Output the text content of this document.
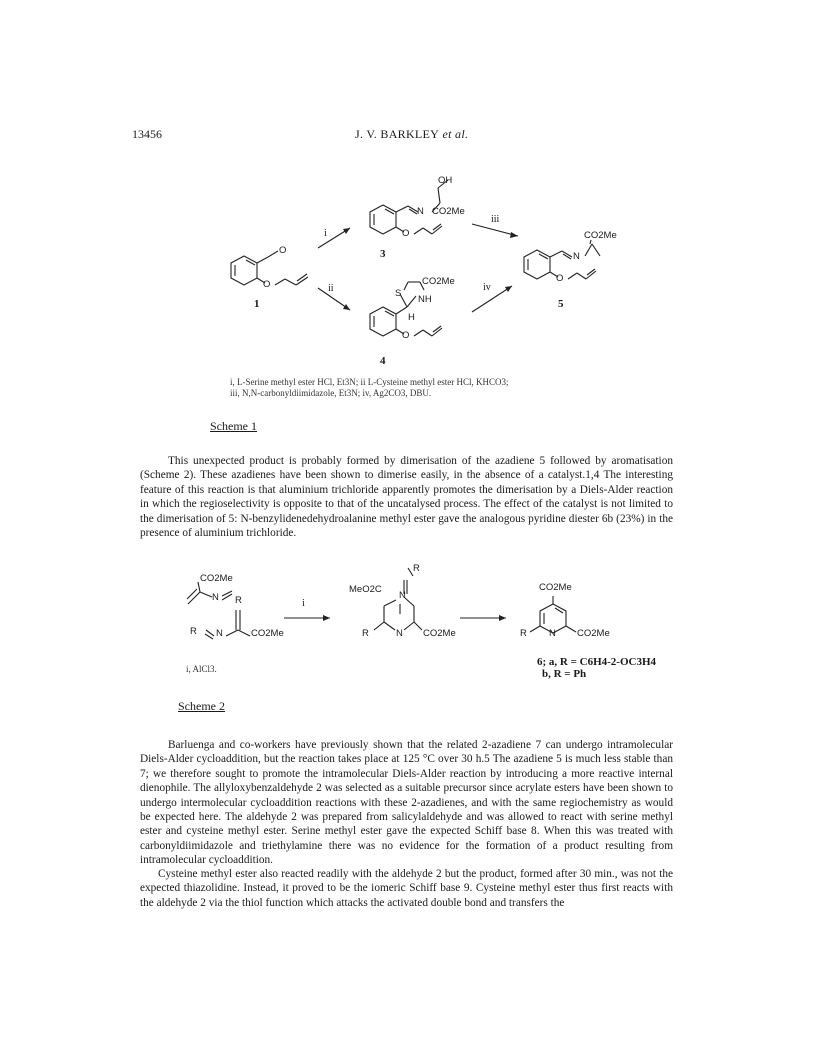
13456	J. V. BARKLEY et al.
OH
N CO2Me
O	CO2Me
N
O
O
O
S
CO2Me
NH
H
O
i
ii
iii
iv
3
1	5
4
i, L-Serine methyl ester HCl, Et3N; ii L-Cysteine methyl ester HCl, KHCO3;
iii, N,N-carbonyldiimidazole, Et3N; iv, Ag2CO3, DBU.
Scheme 1
This unexpected product is probably formed by dimerisation of the azadiene 5 followed by aromatisation (Scheme 2). These azadienes have been shown to dimerise easily, in the absence of a catalyst.1,4 The interesting feature of this reaction is that aluminium trichloride apparently promotes the dimerisation by a Diels-Alder reaction in which the regioselectivity is opposite to that of the uncatalysed process. The effect of the catalyst is not limited to the dimerisation of 5: N-benzylidenedehydroalanine methyl ester gave the analogous pyridine diester 6b (23%) in the presence of aluminium trichloride.
CO2Me
N R
R N	CO2Me
i
R
MeO2C
N
R	N CO2Me
CO2Me
R N CO2Me
i, AlCl3.
6; a, R = C6H4-2-OC3H4
b, R = Ph
Scheme 2
Barluenga and co-workers have previously shown that the related 2-azadiene 7 can undergo intramolecular Diels-Alder cycloaddition, but the reaction takes place at 125 °C over 30 h.5 The azadiene 5 is much less stable than 7; we therefore sought to promote the intramolecular Diels-Alder reaction by introducing a more reactive internal dienophile. The allyloxybenzaldehyde 2 was selected as a suitable precursor since acrylate esters have been shown to undergo intermolecular cycloaddition reactions with these 2-azadienes, and with the same regiochemistry as would be expected here. The aldehyde 2 was prepared from salicylaldehyde and was allowed to react with serine methyl ester and cysteine methyl ester. Serine methyl ester gave the expected Schiff base 8. When this was treated with carbonyldiimidazole and triethylamine there was no evidence for the formation of a product resulting from intramolecular cycloaddition.
Cysteine methyl ester also reacted readily with the aldehyde 2 but the product, formed after 30 min., was not the expected thiazolidine. Instead, it proved to be the iomeric Schiff base 9. Cysteine methyl ester thus first reacts with the aldehyde 2 via the thiol function which attacks the activated double bond and transfers the
